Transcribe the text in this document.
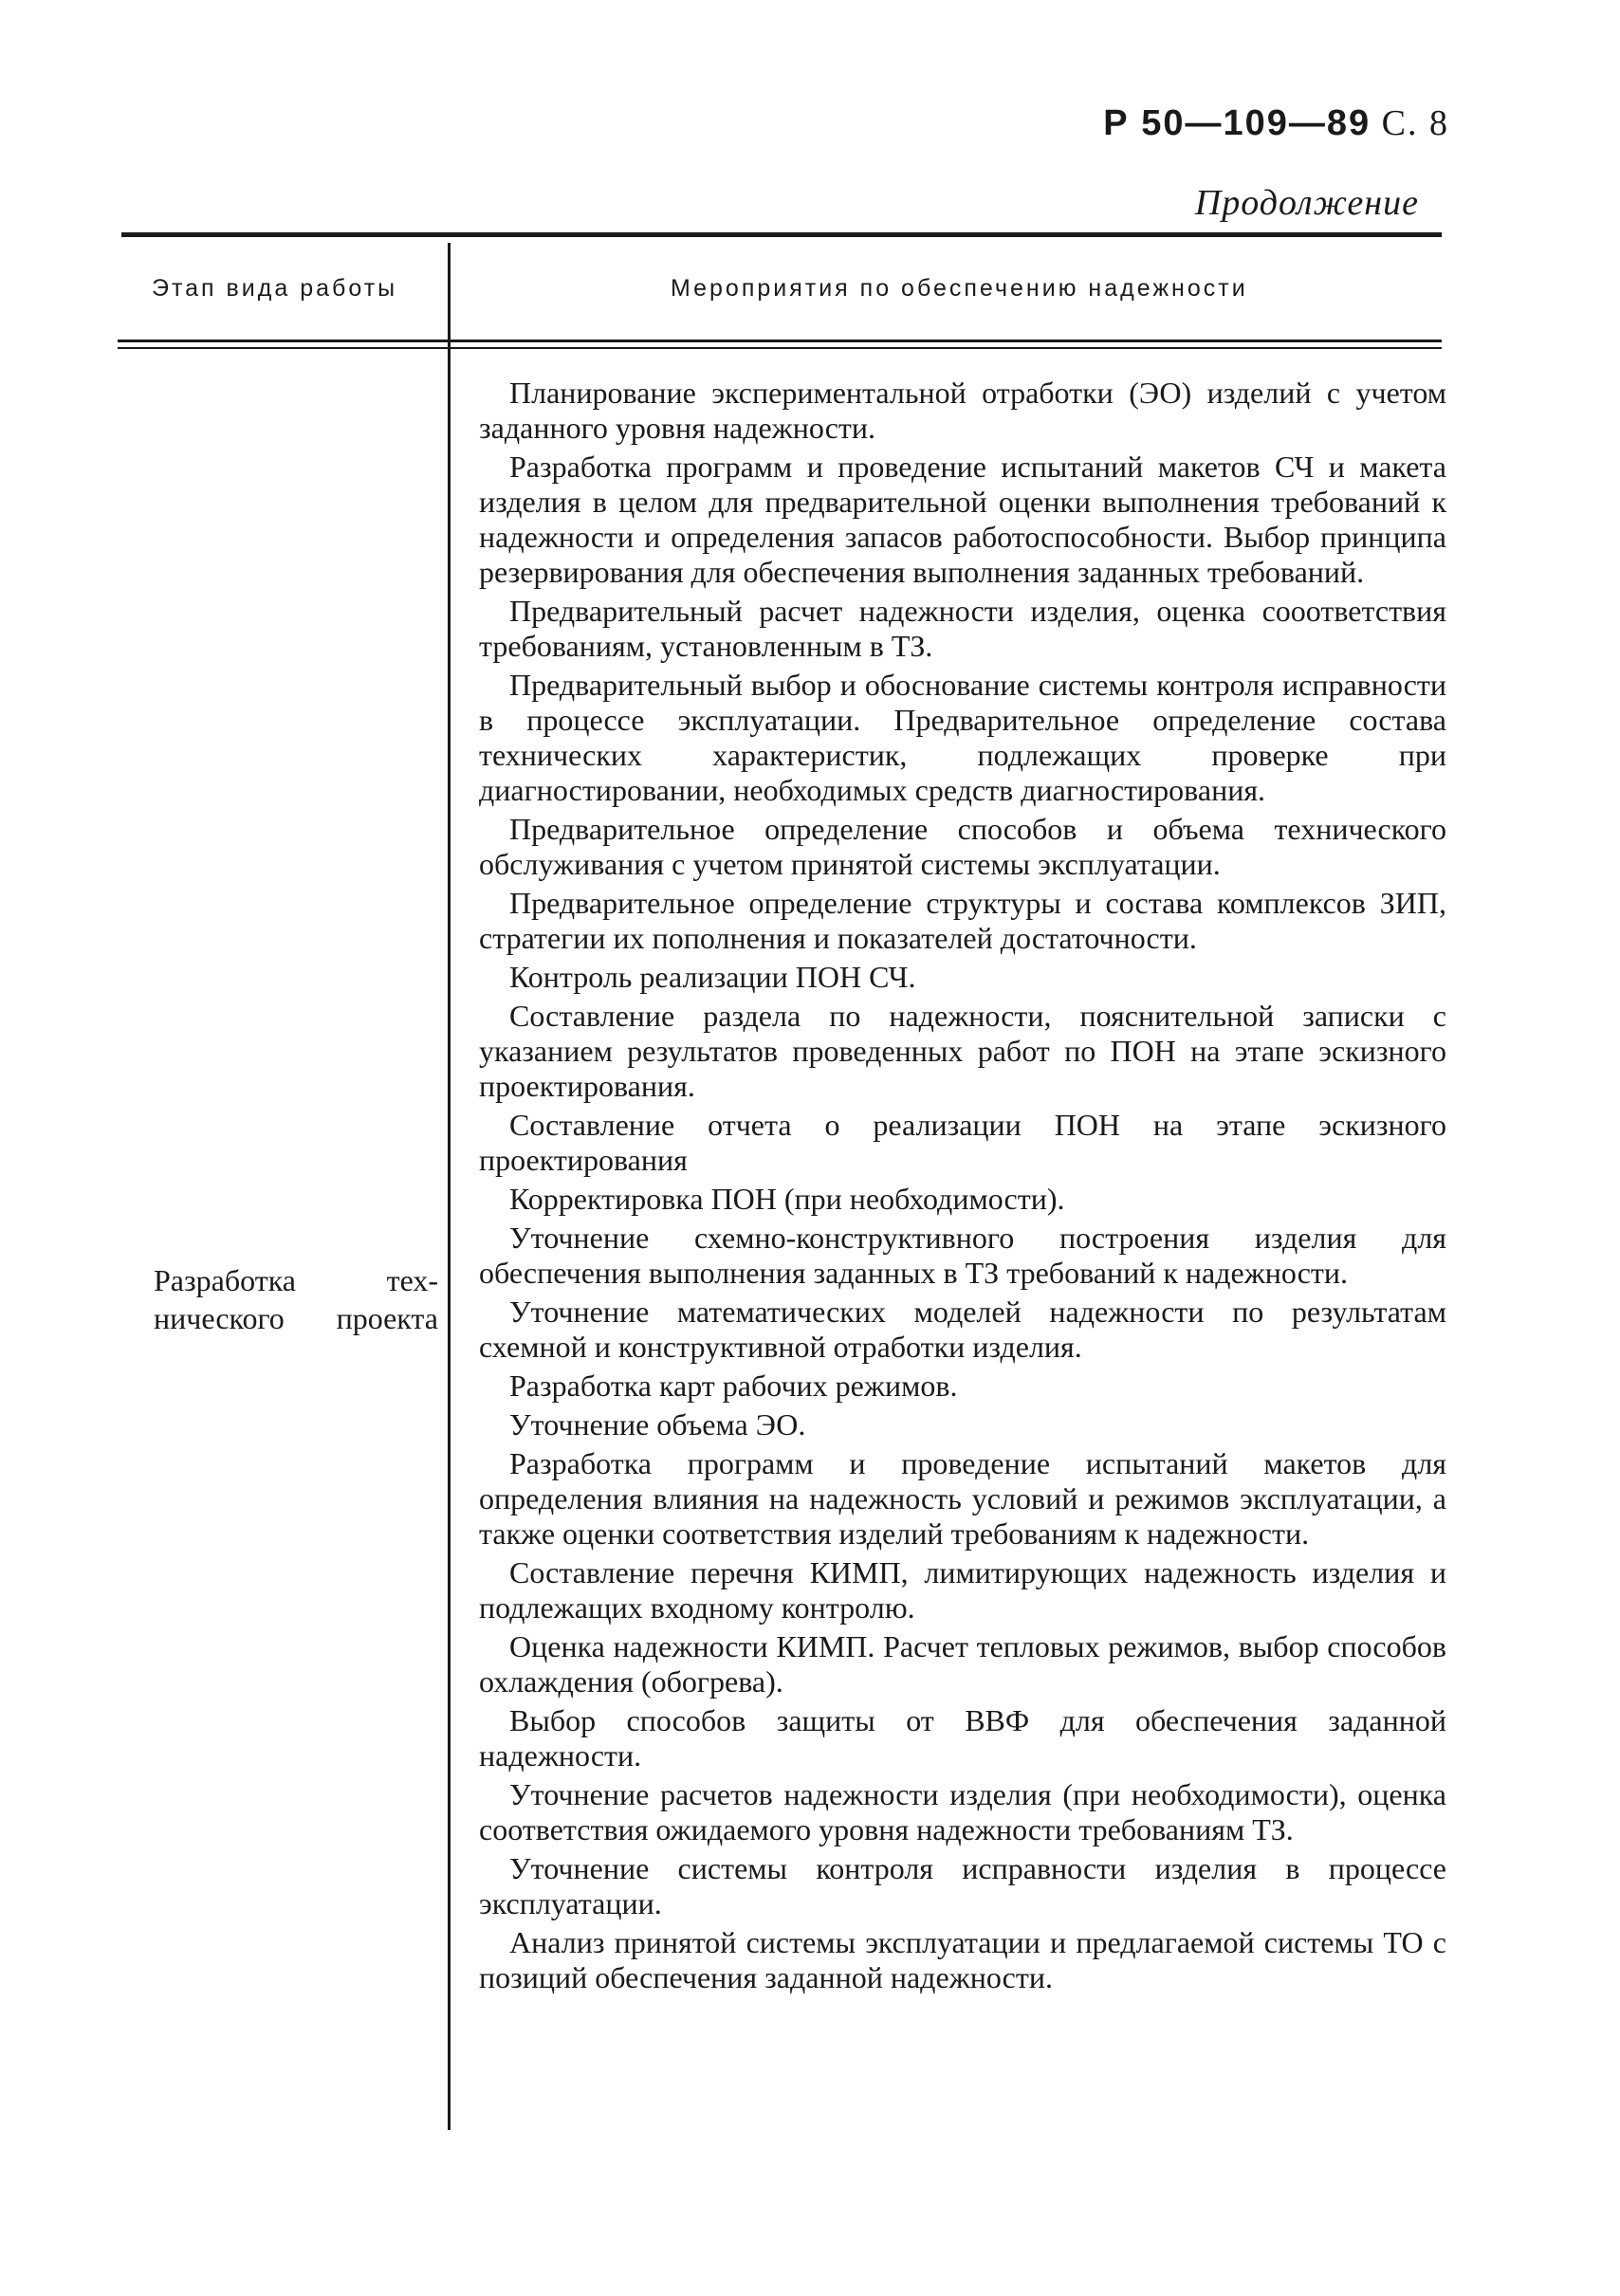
Р 50—109—89 С. 8
Продолжение
Этап вида работы	Мероприятия по обеспечению надежности
Разработка тех-
нического проекта

Планирование экспериментальной отработки (ЭО) изделий с учетом заданного уровня надежности.

Разработка программ и проведение испытаний макетов СЧ и макета изделия в целом для предварительной оценки выполнения требований к надежности и определения запасов работоспособности. Выбор принципа резервирования для обеспечения выполнения заданных требований.

Предварительный расчет надежности изделия, оценка сооответствия требованиям, установленным в ТЗ.

Предварительный выбор и обоснование системы контроля исправности в процессе эксплуатации. Предварительное определение состава технических характеристик, подлежащих проверке при диагностировании, необходимых средств диагностирования.

Предварительное определение способов и объема технического обслуживания с учетом принятой системы эксплуатации.

Предварительное определение структуры и состава комплексов ЗИП, стратегии их пополнения и показателей достаточности.

Контроль реализации ПОН СЧ.

Составление раздела по надежности, пояснительной записки с указанием результатов проведенных работ по ПОН на этапе эскизного проектирования.

Составление отчета о реализации ПОН на этапе эскизного проектирования

Корректировка ПОН (при необходимости).

Уточнение схемно-конструктивного построения изделия для обеспечения выполнения заданных в ТЗ требований к надежности.

Уточнение математических моделей надежности по результатам схемной и конструктивной отработки изделия.

Разработка карт рабочих режимов.

Уточнение объема ЭО.

Разработка программ и проведение испытаний макетов для определения влияния на надежность условий и режимов эксплуатации, а также оценки соответствия изделий требованиям к надежности.

Составление перечня КИМП, лимитирующих надежность изделия и подлежащих входному контролю.

Оценка надежности КИМП. Расчет тепловых режимов, выбор способов охлаждения (обогрева).

Выбор способов защиты от ВВФ для обеспечения заданной надежности.

Уточнение расчетов надежности изделия (при необходимости), оценка соответствия ожидаемого уровня надежности требованиям ТЗ.

Уточнение системы контроля исправности изделия в процессе эксплуатации.

Анализ принятой системы эксплуатации и предлагаемой системы ТО с позиций обеспечения заданной надежности.
